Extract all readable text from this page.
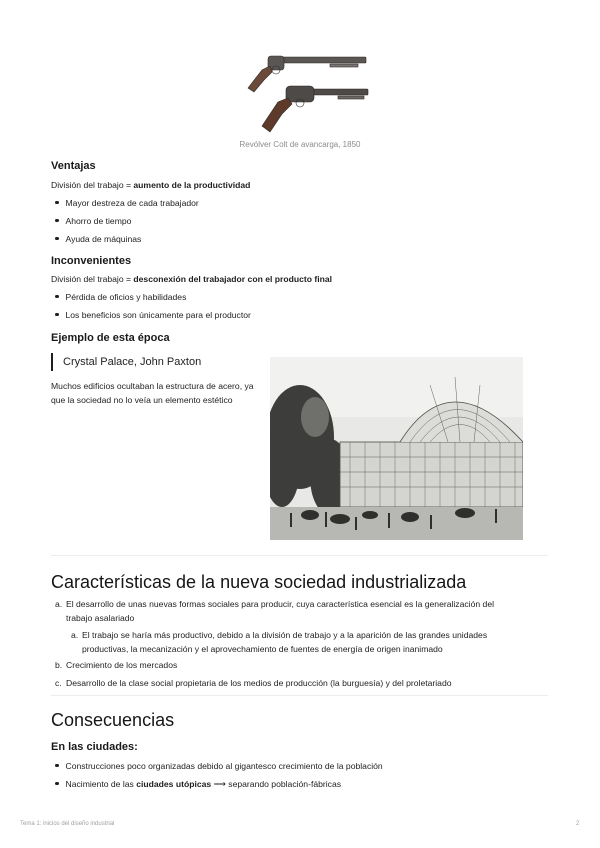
Revólver Colt de avancarga, 1850
Ventajas
División del trabajo = aumento de la productividad
Mayor destreza de cada trabajador
Ahorro de tiempo
Ayuda de máquinas
Inconvenientes
División del trabajo = desconexión del trabajador con el producto final
Pérdida de oficios y habilidades
Los beneficios son únicamente para el productor
Ejemplo de esta época
Crystal Palace, John Paxton
Muchos edificios ocultaban la estructura de acero, ya que la sociedad no lo veía un elemento estético
Características de la nueva sociedad industrializada
a. El desarrollo de unas nuevas formas sociales para producir, cuya característica esencial es la generalización del
trabajo asalariado
a. El trabajo se haría más productivo, debido a la división de trabajo y a la aparición de las grandes unidades
productivas, la mecanización y el aprovechamiento de fuentes de energía de origen inanimado
b. Crecimiento de los mercados
c. Desarrollo de la clase social propietaria de los medios de producción (la burguesía) y del proletariado
Consecuencias
En las ciudades:
Construcciones poco organizadas debido al gigantesco crecimiento de la población
Nacimiento de las ciudades utópicas ⟶ separando población-fábricas
Tema 1: inicios del diseño industrial	2
